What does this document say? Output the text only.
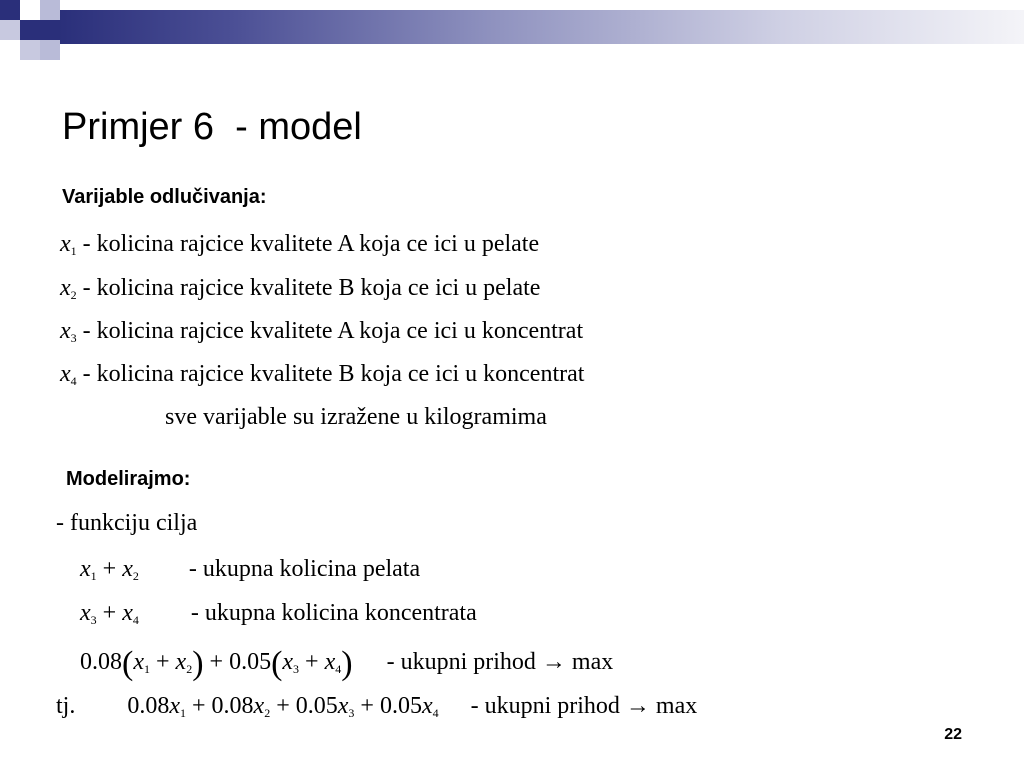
Primjer 6  - model
Varijable odlučivanja:
$x_1$ - kolicina rajcice kvalitete A koja ce ici u pelate
$x_2$ - kolicina rajcice kvalitete B koja ce ici u pelate
$x_3$ - kolicina rajcice kvalitete A koja ce ici u koncentrat
$x_4$ - kolicina rajcice kvalitete B koja ce ici u koncentrat
sve varijable su izražene u kilogramima
Modelirajmo:
- funkciju cilja
$x_1 + x_2$ - ukupna kolicina pelata
$x_3 + x_4$ - ukupna kolicina koncentrata
$0.08(x_1 + x_2) + 0.05(x_3 + x_4)$ - ukupni prihod → max
tj. $0.08x_1 + 0.08x_2 + 0.05x_3 + 0.05x_4$ - ukupni prihod → max
22
